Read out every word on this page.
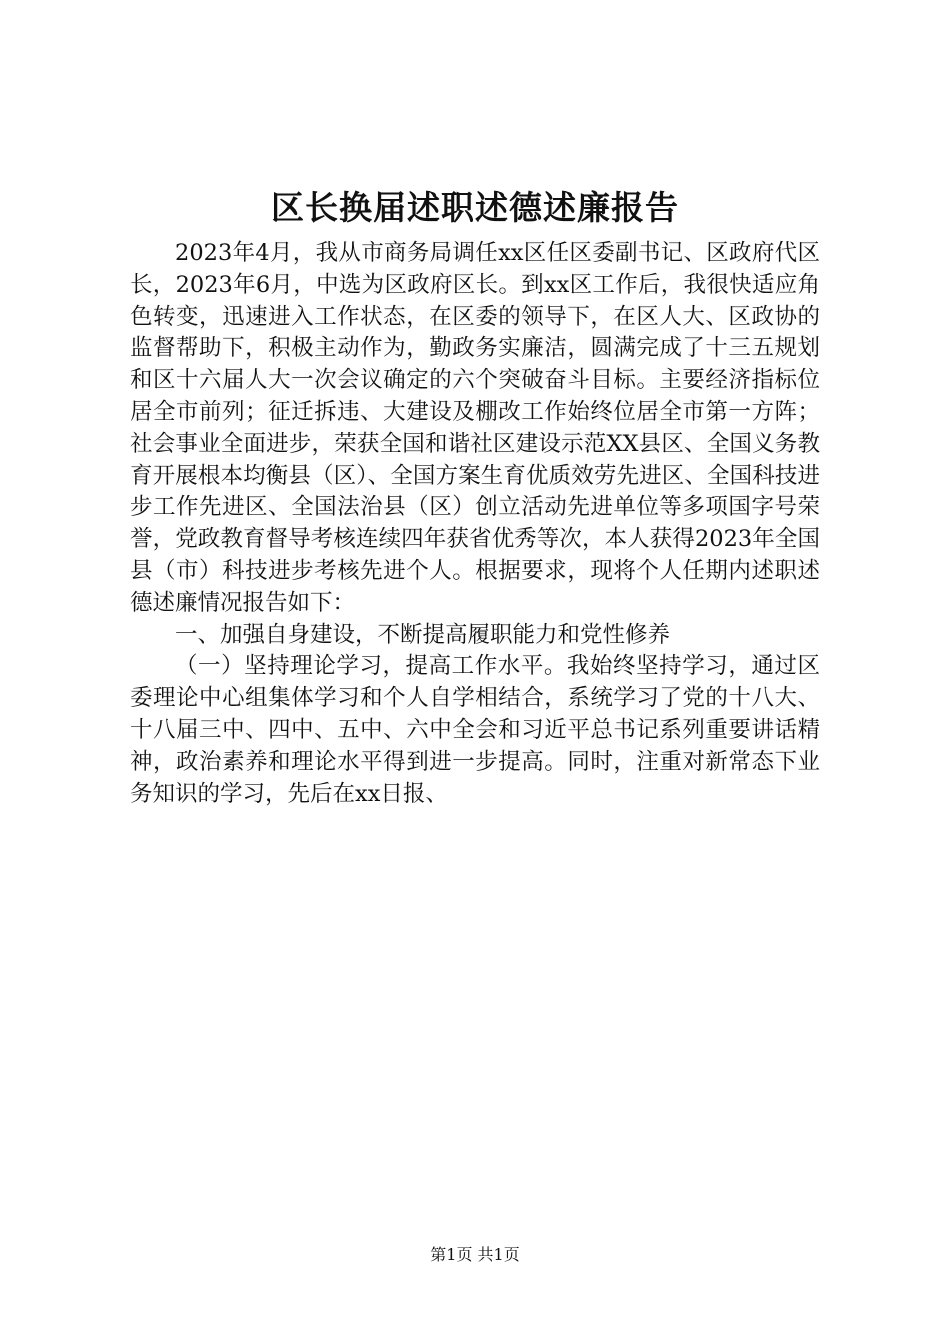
区长换届述职述德述廉报告

2023年4月，我从市商务局调任xx区任区委副书记、区政府代区长，2023年6月，中选为区政府区长。到xx区工作后，我很快适应角色转变，迅速进入工作状态，在区委的领导下，在区人大、区政协的监督帮助下，积极主动作为，勤政务实廉洁，圆满完成了十三五规划和区十六届人大一次会议确定的六个突破奋斗目标。主要经济指标位居全市前列；征迁拆违、大建设及棚改工作始终位居全市第一方阵；社会事业全面进步，荣获全国和谐社区建设示范XX县区、全国义务教育开展根本均衡县（区）、全国方案生育优质效劳先进区、全国科技进步工作先进区、全国法治县（区）创立活动先进单位等多项国字号荣誉，党政教育督导考核连续四年获省优秀等次，本人获得2023年全国县（市）科技进步考核先进个人。根据要求，现将个人任期内述职述德述廉情况报告如下：

一、加强自身建设，不断提高履职能力和党性修养

（一）坚持理论学习，提高工作水平。我始终坚持学习，通过区委理论中心组集体学习和个人自学相结合，系统学习了党的十八大、十八届三中、四中、五中、六中全会和习近平总书记系列重要讲话精神，政治素养和理论水平得到进一步提高。同时，注重对新常态下业务知识的学习，先后在xx日报、

第1页 共1页
